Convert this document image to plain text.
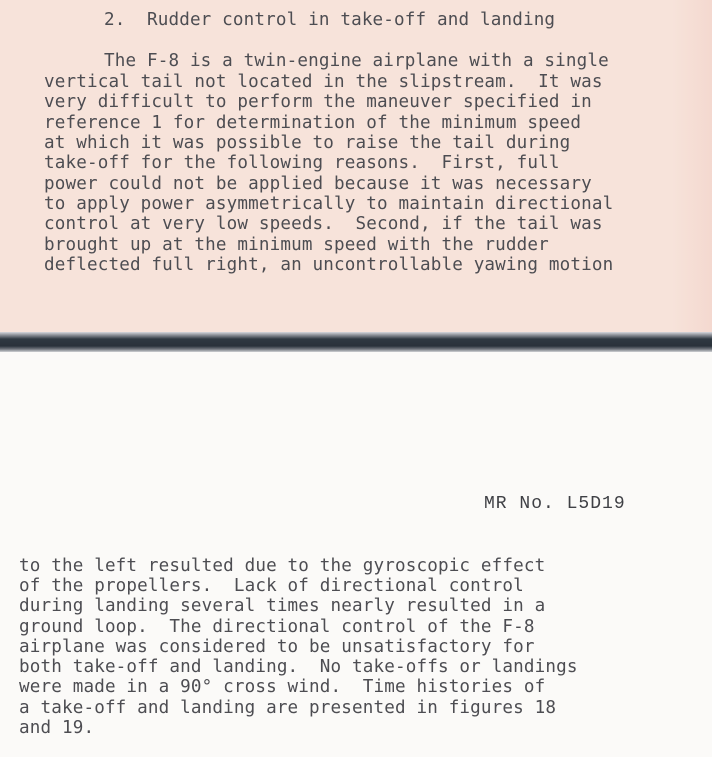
2.  Rudder control in take-off and landing
The F-8 is a twin-engine airplane with a single
vertical tail not located in the slipstream.  It was
very difficult to perform the maneuver specified in
reference 1 for determination of the minimum speed
at which it was possible to raise the tail during
take-off for the following reasons.  First, full
power could not be applied because it was necessary
to apply power asymmetrically to maintain directional
control at very low speeds.  Second, if the tail was
brought up at the minimum speed with the rudder
deflected full right, an uncontrollable yawing motion
MR No. L5D19
to the left resulted due to the gyroscopic effect
of the propellers.  Lack of directional control
during landing several times nearly resulted in a
ground loop.  The directional control of the F-8
airplane was considered to be unsatisfactory for
both take-off and landing.  No take-offs or landings
were made in a 90° cross wind.  Time histories of
a take-off and landing are presented in figures 18
and 19.
